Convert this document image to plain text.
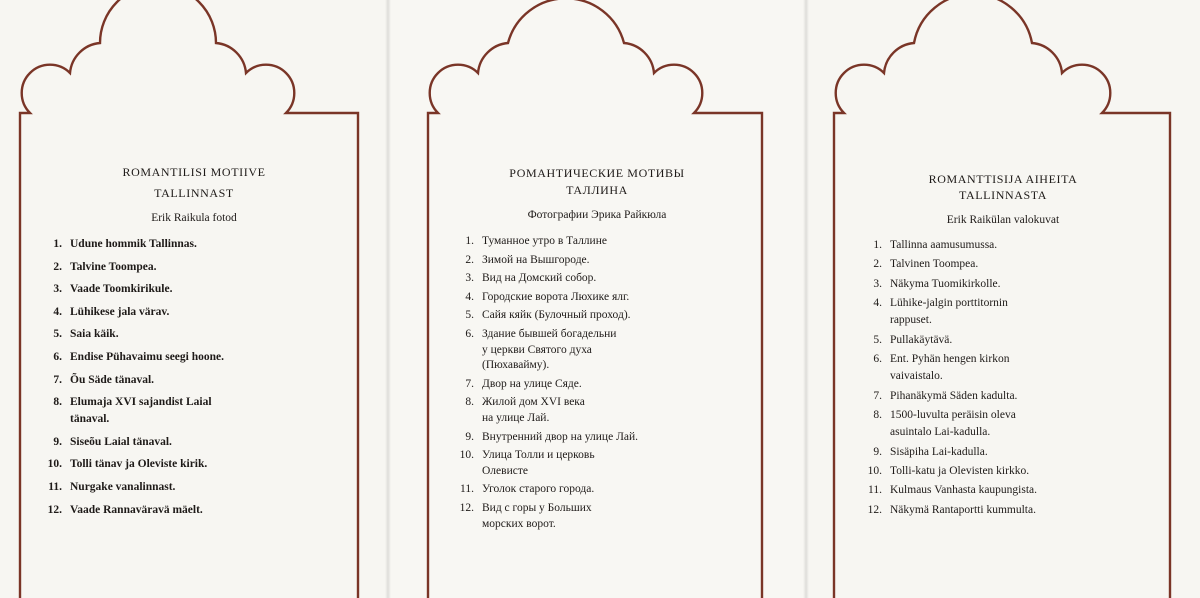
ROMANTILISI MOTIIVE
TALLINNAST
Erik Raikula fotod
1. Udune hommik Tallinnas.
2. Talvine Toompea.
3. Vaade Toomkirikule.
4. Lühikese jala värav.
5. Saia käik.
6. Endise Pühavaimu seegi hoone.
7. Õu Säde tänaval.
8. Elumaja XVI sajandist Laial
tänaval.
9. Siseõu Laial tänaval.
10. Tolli tänav ja Oleviste kirik.
11. Nurgake vanalinnast.
12. Vaade Rannaväravä mäelt.
РОМАНТИЧЕСКИЕ МОТИВЫ
ТАЛЛИНА
Фотографии Эрика Райкюла
1. Туманное утро в Таллине
2. Зимой на Вышгороде.
3. Вид на Домский собор.
4. Городские ворота Люхике ялг.
5. Сайя кяйк (Булочный проход).
6. Здание бывшей богадельни
у церкви Святого духа
(Пюхавайму).
7. Двор на улице Сяде.
8. Жилой дом XVI века
на улице Лай.
9. Внутренний двор на улице Лай.
10. Улица Толли и церковь
Олевисте
11. Уголок старого города.
12. Вид с горы у Больших
морских ворот.
ROMANTTISIJA AIHEITA
TALLINNASTA
Erik Raikülan valokuvat
1. Tallinna aamusumussa.
2. Talvinen Toompea.
3. Näkyma Tuomikirkolle.
4. Lühike-jalgin porttitornin
rappuset.
5. Pullakäytävä.
6. Ent. Pyhän hengen kirkon
vaivaistalo.
7. Pihanäkymä Säden kadulta.
8. 1500-luvulta peräisin oleva
asuintalo Lai-kadulla.
9. Sisäpiha Lai-kadulla.
10. Tolli-katu ja Olevisten kirkko.
11. Kulmaus Vanhasta kaupungista.
12. Näkymä Rantaportti kummulta.
